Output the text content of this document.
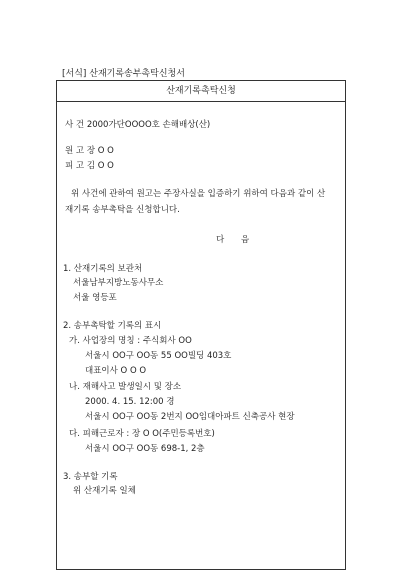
[서식] 산재기록송부촉탁신청서
산재기록촉탁신청
사 건 2000가단OOOO호 손해배상(산)
원 고 장 O O
피 고 김 O O
위 사건에 관하여 원고는 주장사실을 입증하기 위하여 다음과 같이 산
재기록 송부촉탁을 신청합니다.
다 음
1. 산재기록의 보관처
서울남부지방노동사무소
서울 영등포
2. 송부촉탁할 기록의 표시
가. 사업장의 명칭 : 주식회사 OO
서울시 OO구 OO동 55 OO빌딩 403호
대표이사 O O O
나. 재해사고 발생일시 및 장소
2000. 4. 15. 12:00 경
서울시 OO구 OO동 2번지 OO임대아파트 신축공사 현장
다. 피해근로자 : 장 O O(주민등록번호)
서울시 OO구 OO동 698-1, 2층
3. 송부할 기록
위 산재기록 일체
